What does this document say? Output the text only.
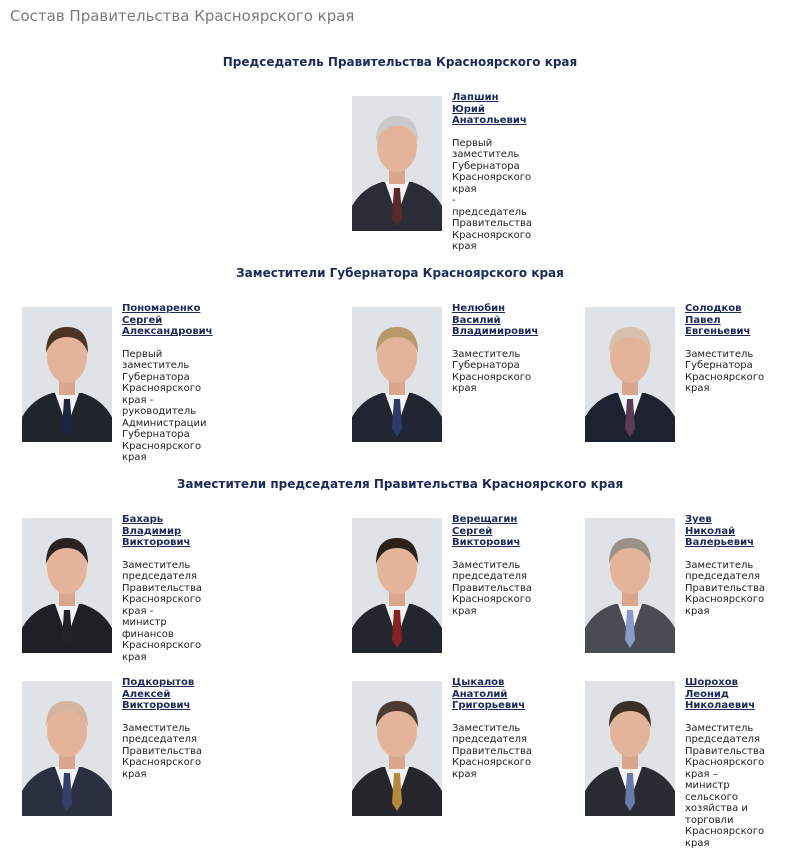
Состав Правительства Красноярского края
Председатель Правительства Красноярского края
Заместители Губернатора Красноярского края
Заместители председателя Правительства Красноярского края
Лапшин
Юрий
Анатольевич
Первый заместитель
Губернатора
Красноярского края
-
председатель
Правительства
Красноярского края
Пономаренко
Сергей
Александрович
Первый заместитель Губернатора
Красноярского края -
руководитель Администрации
Губернатора Красноярского края
Нелюбин
Василий
Владимирович
Заместитель
Губернатора
Красноярского края
Солодков
Павел
Евгеньевич
Заместитель
Губернатора
Красноярского
края
Бахарь
Владимир
Викторович
Заместитель председателя
Правительства Красноярского края -
министр финансов Красноярского
края
Верещагин
Сергей
Викторович
Заместитель
председателя
Правительства
Красноярского края
Зуев
Николай
Валерьевич
Заместитель
председателя
Правительства
Красноярского
края
Подкорытов
Алексей
Викторович
Заместитель
председателя
Правительства Красноярского края
Цыкалов
Анатолий
Григорьевич
Заместитель
председателя
Правительства
Красноярского края
Шорохов
Леонид
Николаевич
Заместитель
председателя
Правительства
Красноярского
края –
министр сельского
хозяйства и
торговли
Красноярского
края
